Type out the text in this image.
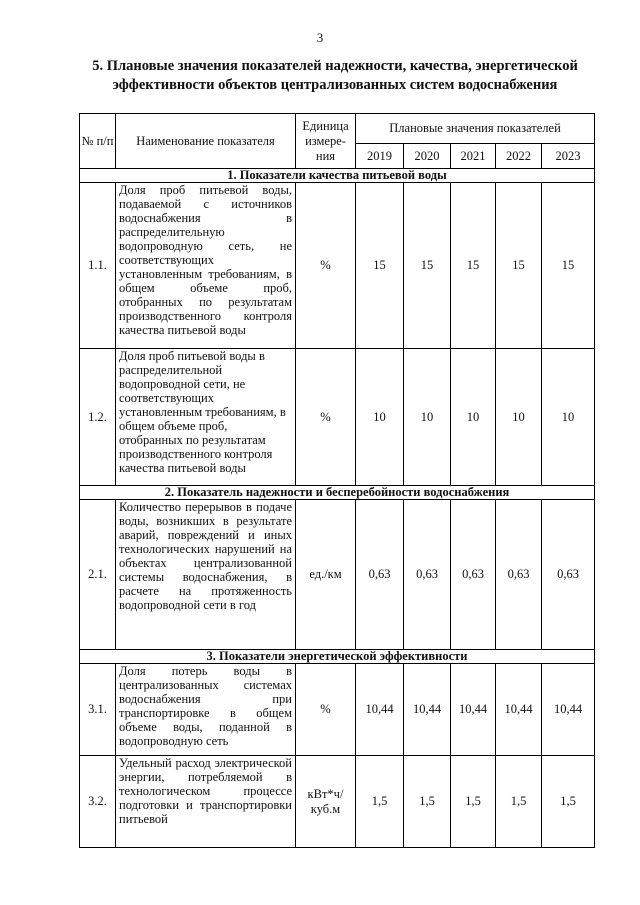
3
5. Плановые значения показателей надежности, качества, энергетической эффективности объектов централизованных систем водоснабжения
№ п/п	Наименование показателя	Единица измере-ния	Плановые значения показателей				
			2019	2020	2021	2022	2023
1. Показатели качества питьевой воды							
1.1.	Доля проб питьевой воды, подаваемой с источников водоснабжения в распределительную водопроводную сеть, не соответствующих установленным требованиям, в общем объеме проб, отобранных по результатам производственного контроля качества питьевой воды	%	15	15	15	15	15
1.2.	Доля проб питьевой воды в распределительной водопроводной сети, не соответствующих установленным требованиям, в общем объеме проб, отобранных по результатам производственного контроля качества питьевой воды	%	10	10	10	10	10
2. Показатель надежности и бесперебойности водоснабжения							
2.1.	Количество перерывов в подаче воды, возникших в результате аварий, повреждений и иных технологических нарушений на объектах централизованной системы водоснабжения, в расчете на протяженность водопроводной сети в год	ед./км	0,63	0,63	0,63	0,63	0,63
3. Показатели энергетической эффективности							
3.1.	Доля потерь воды в централизованных системах водоснабжения при транспортировке в общем объеме воды, поданной в водопроводную сеть	%	10,44	10,44	10,44	10,44	10,44
3.2.	Удельный расход электрической энергии, потребляемой в технологическом процессе подготовки и транспортировки питьевой	кВт*ч/куб.м	1,5	1,5	1,5	1,5	1,5
